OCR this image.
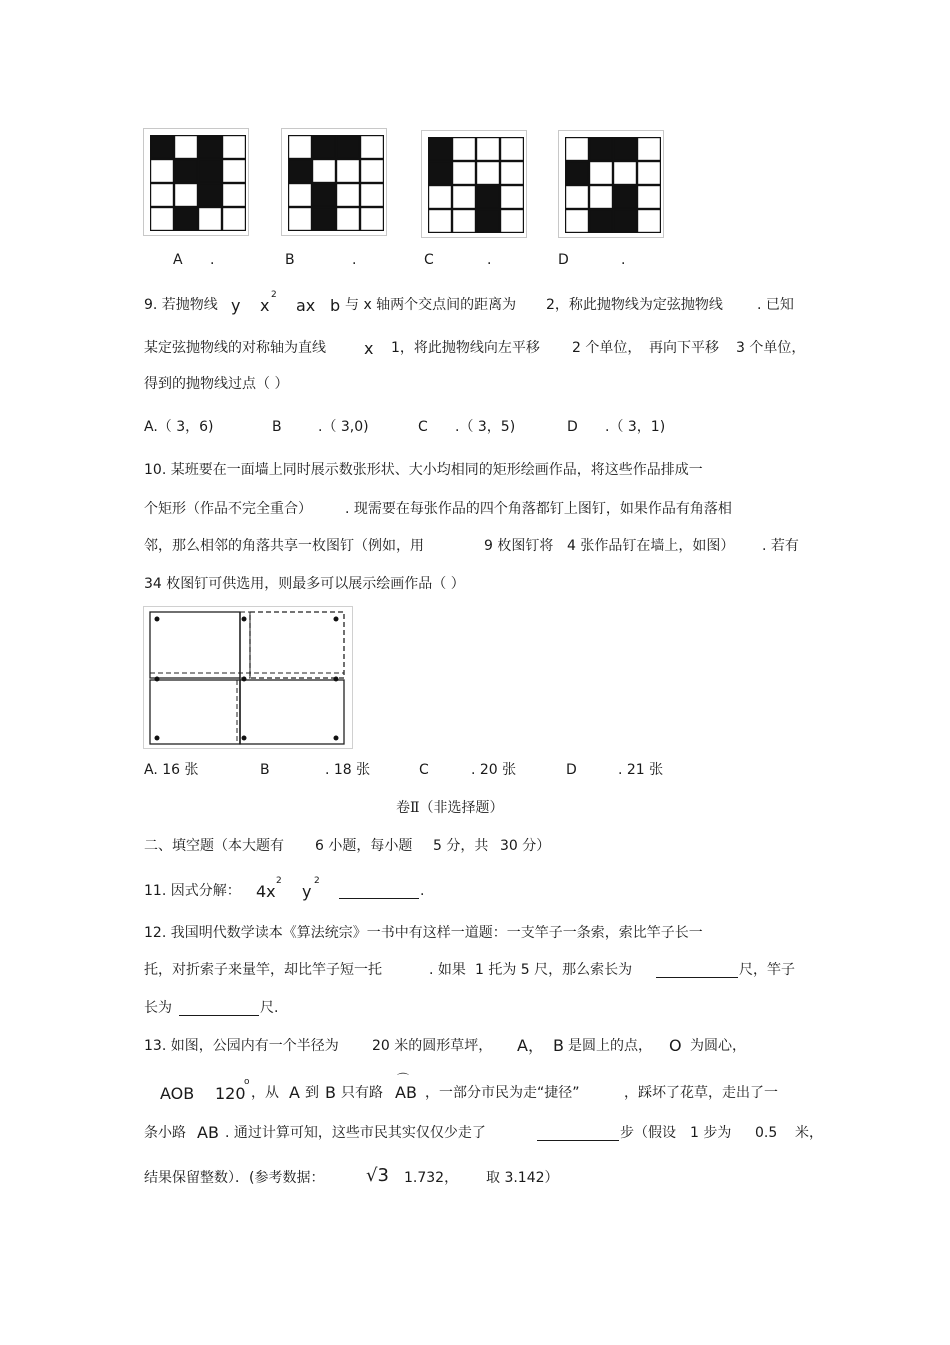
A .	B	.	C	.	D	.
9. 若抛物线 y x
2
ax b 与 x 轴两个交点间的距离为 2，称此抛物线为定弦抛物线 . 已知
某定弦抛物线的对称轴为直线 x 1，将此抛物线向左平移 2 个单位， 再向下平移 3 个单位，
得到的抛物线过点（ ）
A.（ 3，6)	B	.（ 3,0)	C .（ 3，5)	D .（ 3，1)
10. 某班要在一面墙上同时展示数张形状、大小均相同的矩形绘画作品，将这些作品排成一
个矩形（作品不完全重合） . 现需要在每张作品的四个角落都钉上图钉，如果作品有角落相
邻，那么相邻的角落共享一枚图钉（例如，用	9 枚图钉将 4 张作品钉在墙上，如图） . 若有
34 枚图钉可供选用，则最多可以展示绘画作品（ ）
A. 16 张	B	. 18 张	C	. 20 张	D	. 21 张
卷Ⅱ（非选择题）
二、填空题（本大题有 6 小题，每小题 5 分，共 30 分）
11. 因式分解： 4x
2
y
2
.
12. 我国明代数学读本《算法统宗》一书中有这样一道题：一支竿子一条索，索比竿子长一
托，对折索子来量竿，却比竿子短一托	. 如果 1 托为 5 尺，那么索长为	尺，竿子
长为	尺.
13. 如图，公园内有一个半径为 20 米的圆形草坪， A， B 是圆上的点， O 为圆心，
AOB 120
o
，从 A 到 B 只有路
⌒
AB ，一部分市民为走“捷径”	，踩坏了花草，走出了一
条小路 AB . 通过计算可知，这些市民其实仅仅少走了	步（假设 1 步为 0.5 米，
结果保留整数）．(参考数据： √3 1.732， 取 3.142）
